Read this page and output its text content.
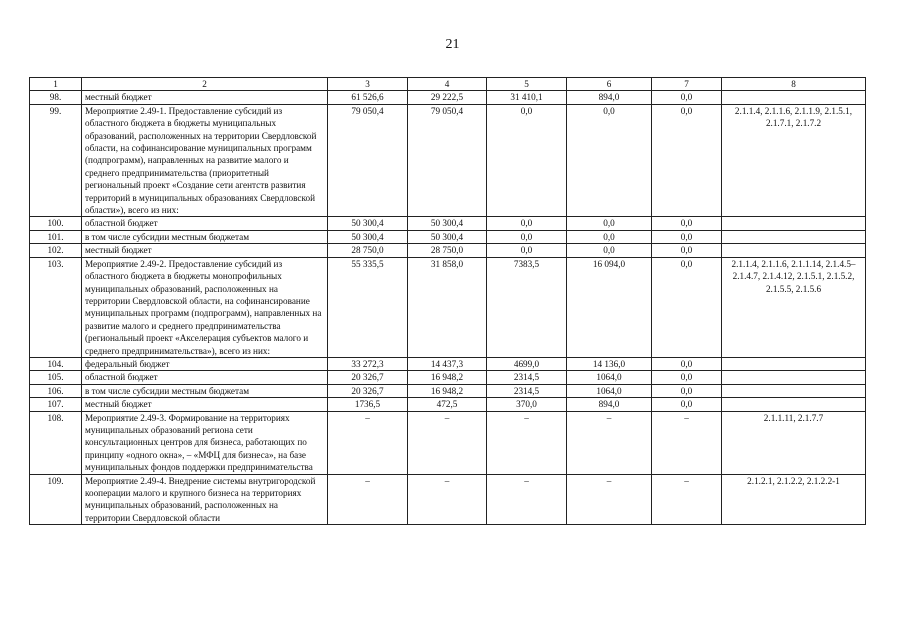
21
1	2	3	4	5	6	7	8
98.	местный бюджет	61 526,6	29 222,5	31 410,1	894,0	0,0	
99.	Мероприятие 2.49-1. Предоставление субсидий из областного бюджета в бюджеты муниципальных образований, расположенных на территории Свердловской области, на софинансирование муниципальных программ (подпрограмм), направленных на развитие малого и среднего предпринимательства (приоритетный региональный проект «Создание сети агентств развития территорий в муниципальных образованиях Свердловской области»), всего из них:	79 050,4	79 050,4	0,0	0,0	0,0	2.1.1.4, 2.1.1.6, 2.1.1.9, 2.1.5.1, 2.1.7.1, 2.1.7.2
100.	областной бюджет	50 300,4	50 300,4	0,0	0,0	0,0	
101.	в том числе субсидии местным бюджетам	50 300,4	50 300,4	0,0	0,0	0,0	
102.	местный бюджет	28 750,0	28 750,0	0,0	0,0	0,0	
103.	Мероприятие 2.49-2. Предоставление субсидий из областного бюджета в бюджеты монопрофильных муниципальных образований, расположенных на территории Свердловской области, на софинансирование муниципальных программ (подпрограмм), направленных на развитие малого и среднего предпринимательства (региональный проект «Акселерация субъектов малого и среднего предпринимательства»), всего из них:	55 335,5	31 858,0	7383,5	16 094,0	0,0	2.1.1.4, 2.1.1.6, 2.1.1.14, 2.1.4.5–2.1.4.7, 2.1.4.12, 2.1.5.1, 2.1.5.2, 2.1.5.5, 2.1.5.6
104.	федеральный бюджет	33 272,3	14 437,3	4699,0	14 136,0	0,0	
105.	областной бюджет	20 326,7	16 948,2	2314,5	1064,0	0,0	
106.	в том числе субсидии местным бюджетам	20 326,7	16 948,2	2314,5	1064,0	0,0	
107.	местный бюджет	1736,5	472,5	370,0	894,0	0,0	
108.	Мероприятие 2.49-3. Формирование на территориях муниципальных образований региона сети консультационных центров для бизнеса, работающих по принципу «одного окна», – «МФЦ для бизнеса», на базе муниципальных фондов поддержки предпринимательства	–	–	–	–	–	2.1.1.11, 2.1.7.7
109.	Мероприятие 2.49-4. Внедрение системы внутригородской кооперации малого и крупного бизнеса на территориях муниципальных образований, расположенных на территории Свердловской области	–	–	–	–	–	2.1.2.1, 2.1.2.2, 2.1.2.2-1
